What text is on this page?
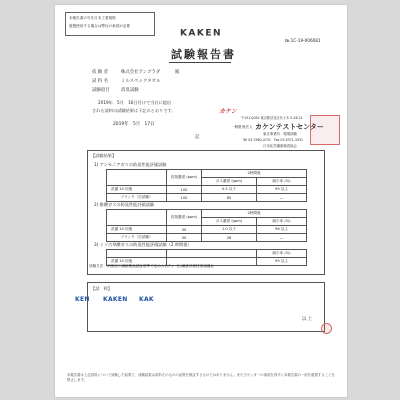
本報告書の写を日本工業規格
複製使用する場合は弊社の承認が必要
KAKEN
№ 1C-19-006081
試験報告書
依 頼 者	株式会社アンブラダ	殿
試 料 名	ミルスペックタオル
試験項目	消臭試験
2019年　5月　16日付けで当社に提出
された試料の試験結果は下記のとおりです。
2019年　5月　17日
記
カケン
〒151-0052 東京都渋谷区代々木 5-26-21
一般財団法人 カケンテストセンター
東京事業所　環境試験
Tel 03-3360-4741　Fax 03-5371-3431
日本化学繊維検査協会
【試験結果】
1) アンモニアガスの防臭性能評価試験
	初発濃度 (ppm)	2時間後	
		ガス濃度 (ppm)	減少率 (%)
洗濯 10 回後	100	0.5 以下	99 以上
ブランク（空試験）	100	80	—
2) 酢酸ガスの防臭性能評価試験
	初発濃度 (ppm)	2時間後	
		ガス濃度 (ppm)	減少率 (%)
洗濯 10 回後	30	1.0 以下	96 以上
ブランク（空試験）	30	28	—
3) イソ吉草酸ガスの防臭性能評価試験（2 時間後）
		減少率 (%)
洗濯 10 回後		99 以上
試験方法：消臭加工繊維製品認証基準で定められた(一社)繊維評価技術協議会
【試　料】
KEN KAKEN KAK
以 上
本報告書は上記試料について試験した結果で、試験結果は試料そのものの品質を保証するものではありません。また当センターの承諾を得ずに本報告書の一部を複製することを禁止します。
